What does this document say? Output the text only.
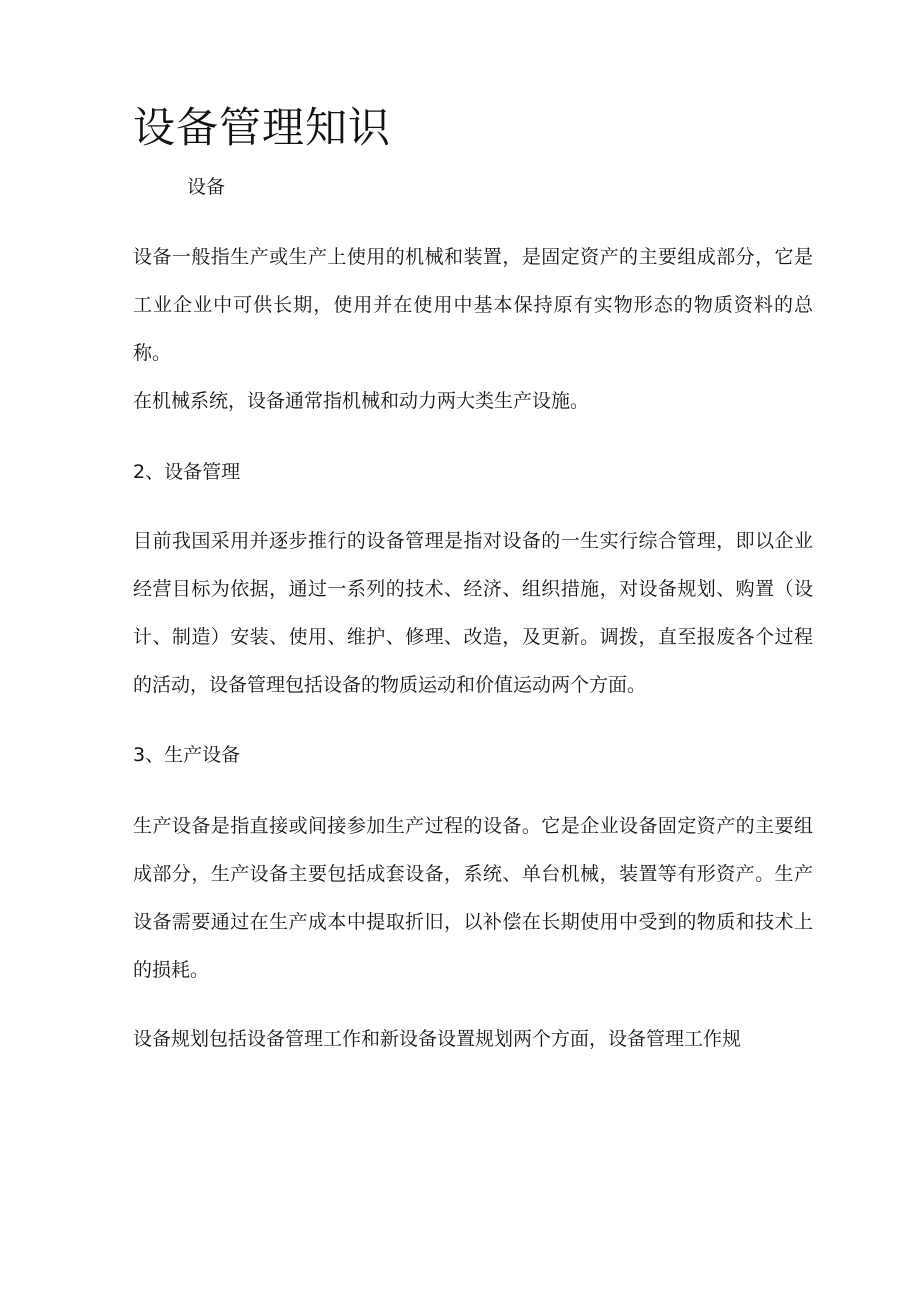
设备管理知识
设备

设备一般指生产或生产上使用的机械和装置，是固定资产的主要组成部分，它是工业企业中可供长期，使用并在使用中基本保持原有实物形态的物质资料的总称。

在机械系统，设备通常指机械和动力两大类生产设施。

2、设备管理

目前我国采用并逐步推行的设备管理是指对设备的一生实行综合管理，即以企业经营目标为依据，通过一系列的技术、经济、组织措施，对设备规划、购置（设计、制造）安装、使用、维护、修理、改造，及更新。调拨，直至报废各个过程的活动，设备管理包括设备的物质运动和价值运动两个方面。

3、生产设备

生产设备是指直接或间接参加生产过程的设备。它是企业设备固定资产的主要组成部分，生产设备主要包括成套设备，系统、单台机械，装置等有形资产。生产设备需要通过在生产成本中提取折旧，以补偿在长期使用中受到的物质和技术上的损耗。

设备规划包括设备管理工作和新设备设置规划两个方面，设备管理工作规
